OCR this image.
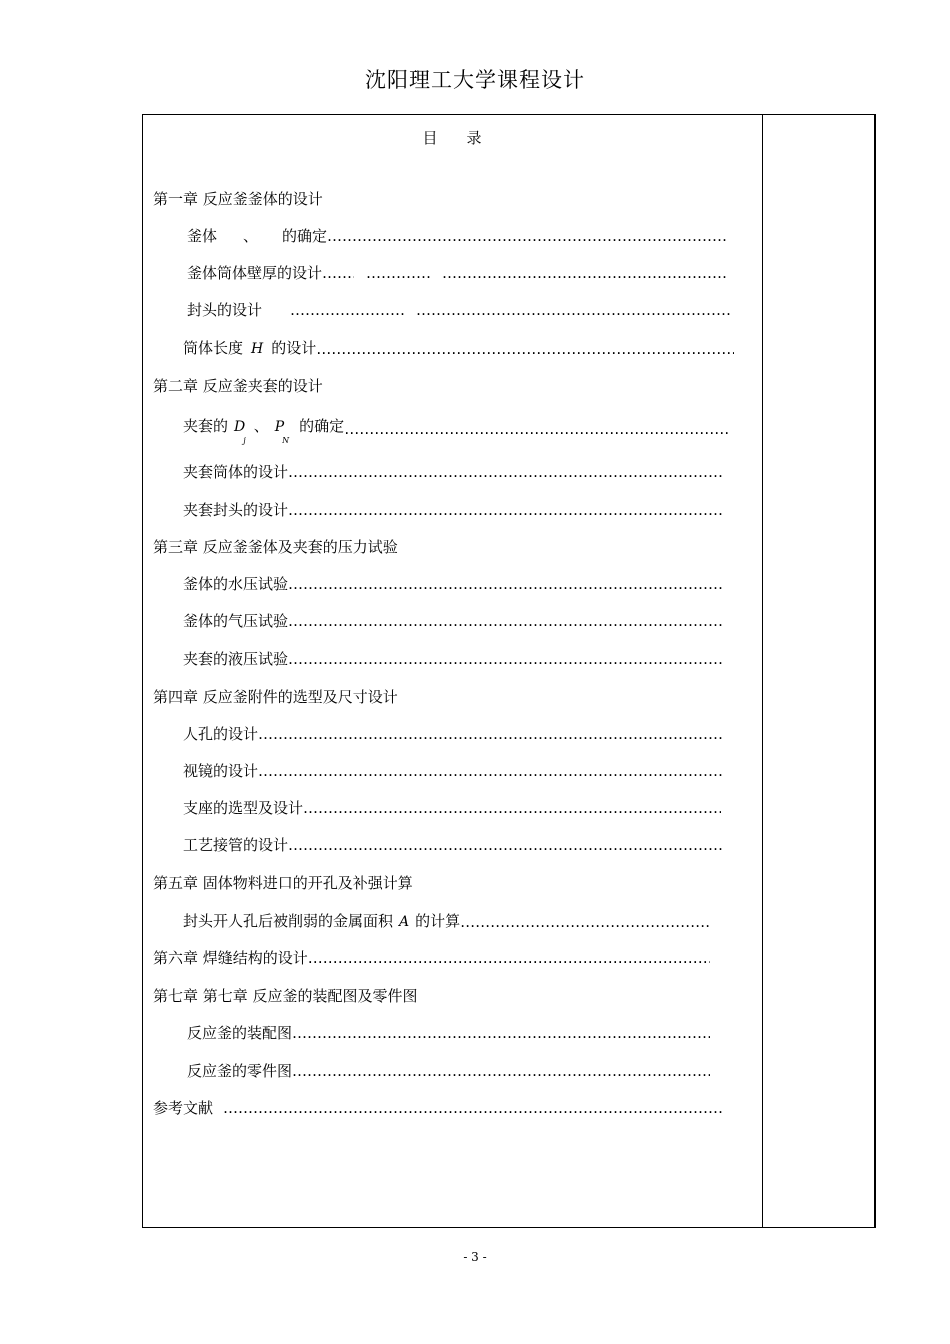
沈阳理工大学课程设计
目 录
第一章 反应釜釜体的设计
釜体 、 的确定…………………………………………………………………………………………………………………………………………
釜体筒体壁厚的设计………………………………………………………………………………………………………………………………………………………………………………………………………………………………………………………………………………………………………………………………………………………………………………………………………………………………
封头的设计……………………………………………………………………………………………………………………………………………………………………………………………………………………………………………………………………………………
筒体长度 H 的设计…………………………………………………………………………………………………………………………………………
第二章 反应釜夹套的设计
夹套的 $D_j$、 $P_N$的确定…………………………………………………………………………………………………………………………………………
夹套筒体的设计…………………………………………………………………………………………………………………………………………
夹套封头的设计…………………………………………………………………………………………………………………………………………
第三章 反应釜釜体及夹套的压力试验
釜体的水压试验…………………………………………………………………………………………………………………………………………
釜体的气压试验…………………………………………………………………………………………………………………………………………
夹套的液压试验…………………………………………………………………………………………………………………………………………
第四章 反应釜附件的选型及尺寸设计
人孔的设计…………………………………………………………………………………………………………………………………………
视镜的设计…………………………………………………………………………………………………………………………………………
支座的选型及设计…………………………………………………………………………………………………………………………………………
工艺接管的设计…………………………………………………………………………………………………………………………………………
第五章 固体物料进口的开孔及补强计算
封头开人孔后被削弱的金属面积 A 的计算…………………………………………………………………………………………………………………………………………
第六章 焊缝结构的设计…………………………………………………………………………………………………………………………………………
第七章 第七章 反应釜的装配图及零件图
反应釜的装配图…………………………………………………………………………………………………………………………………………
反应釜的零件图…………………………………………………………………………………………………………………………………………
参考文献…………………………………………………………………………………………………………………………………………
- 3 -
